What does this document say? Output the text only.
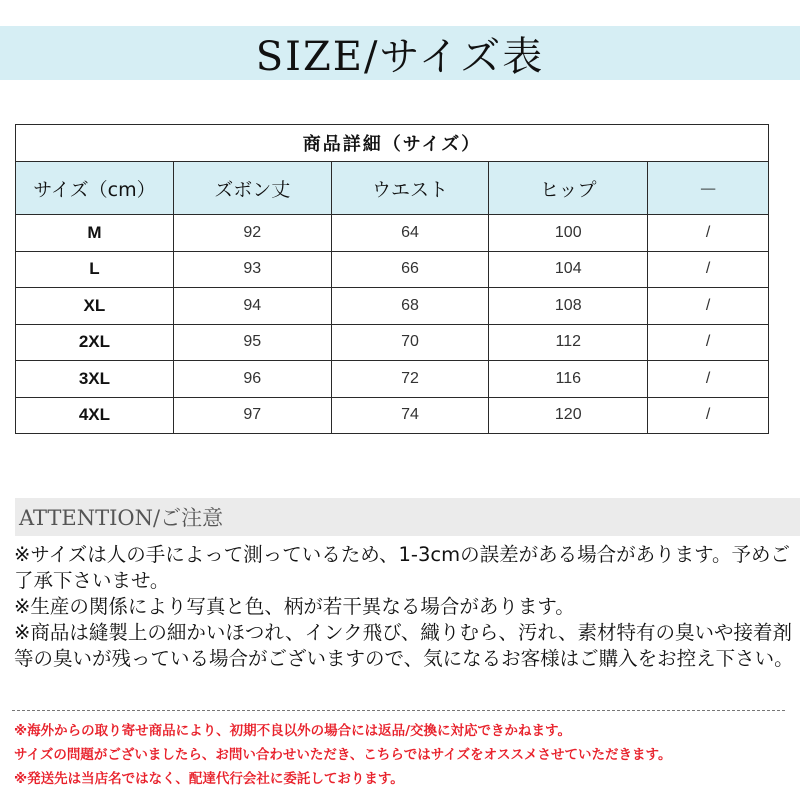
SIZE/サイズ表
商品詳細（サイズ）				
サイズ（cm）	ズボン丈	ウエスト	ヒップ	－
M	92	64	100	/
L	93	66	104	/
XL	94	68	108	/
2XL	95	70	112	/
3XL	96	72	116	/
4XL	97	74	120	/
ATTENTION/ご注意

※サイズは人の手によって測っているため、1-3cmの誤差がある場合があります。予めご了承下さいませ。
※生産の関係により写真と色、柄が若干異なる場合があります。
※商品は縫製上の細かいほつれ、インク飛び、織りむら、汚れ、素材特有の臭いや接着剤等の臭いが残っている場合がございますので、気になるお客様はご購入をお控え下さい。

※海外からの取り寄せ商品により、初期不良以外の場合には返品/交換に対応できかねます。
サイズの問題がございましたら、お問い合わせいただき、こちらではサイズをオススメさせていただきます。
※発送先は当店名ではなく、配達代行会社に委託しております。
